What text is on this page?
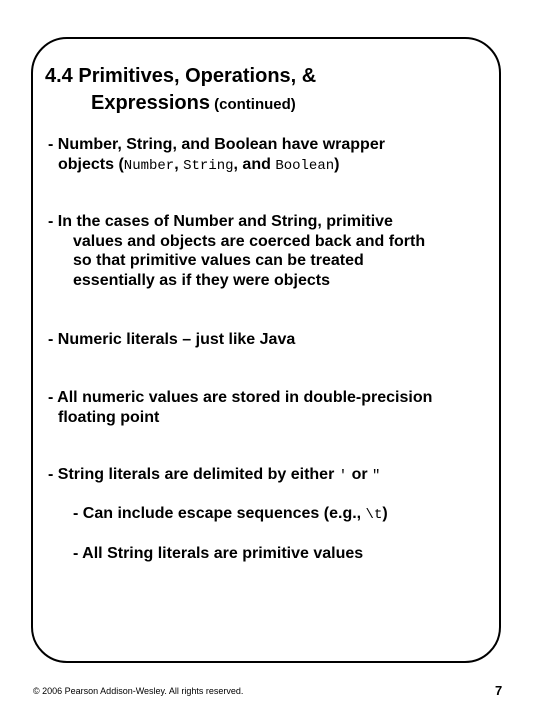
4.4 Primitives, Operations, &
Expressions (continued)

- Number, String, and Boolean have wrapper
objects (Number, String, and Boolean)

- In the cases of Number and String, primitive
values and objects are coerced back and forth
so that primitive values can be treated
essentially as if they were objects

- Numeric literals – just like Java

- All numeric values are stored in double-precision
floating point

- String literals are delimited by either ' or "

- Can include escape sequences (e.g., \t)

- All String literals are primitive values

© 2006 Pearson Addison-Wesley. All rights reserved.	7
